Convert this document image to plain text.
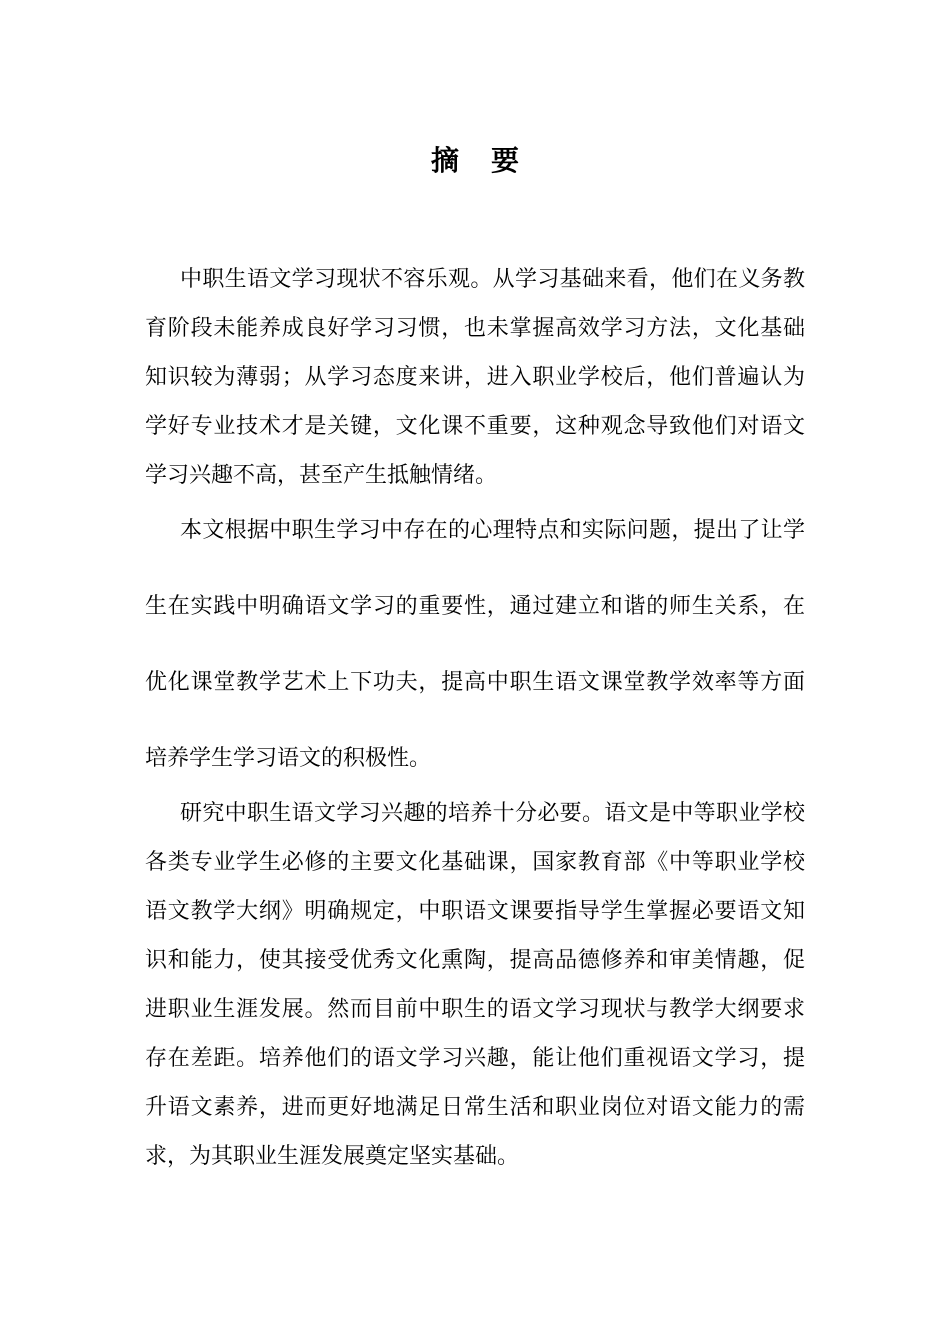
摘要
中职生语文学习现状不容乐观。从学习基础来看，他们在义务教
育阶段未能养成良好学习习惯，也未掌握高效学习方法，文化基础
知识较为薄弱；从学习态度来讲，进入职业学校后，他们普遍认为
学好专业技术才是关键，文化课不重要，这种观念导致他们对语文
学习兴趣不高，甚至产生抵触情绪。
本文根据中职生学习中存在的心理特点和实际问题，提出了让学
生在实践中明确语文学习的重要性，通过建立和谐的师生关系，在
优化课堂教学艺术上下功夫，提高中职生语文课堂教学效率等方面
培养学生学习语文的积极性。
研究中职生语文学习兴趣的培养十分必要。语文是中等职业学校
各类专业学生必修的主要文化基础课，国家教育部《中等职业学校
语文教学大纲》明确规定，中职语文课要指导学生掌握必要语文知
识和能力，使其接受优秀文化熏陶，提高品德修养和审美情趣，促
进职业生涯发展。然而目前中职生的语文学习现状与教学大纲要求
存在差距。培养他们的语文学习兴趣，能让他们重视语文学习，提
升语文素养，进而更好地满足日常生活和职业岗位对语文能力的需
求，为其职业生涯发展奠定坚实基础。
